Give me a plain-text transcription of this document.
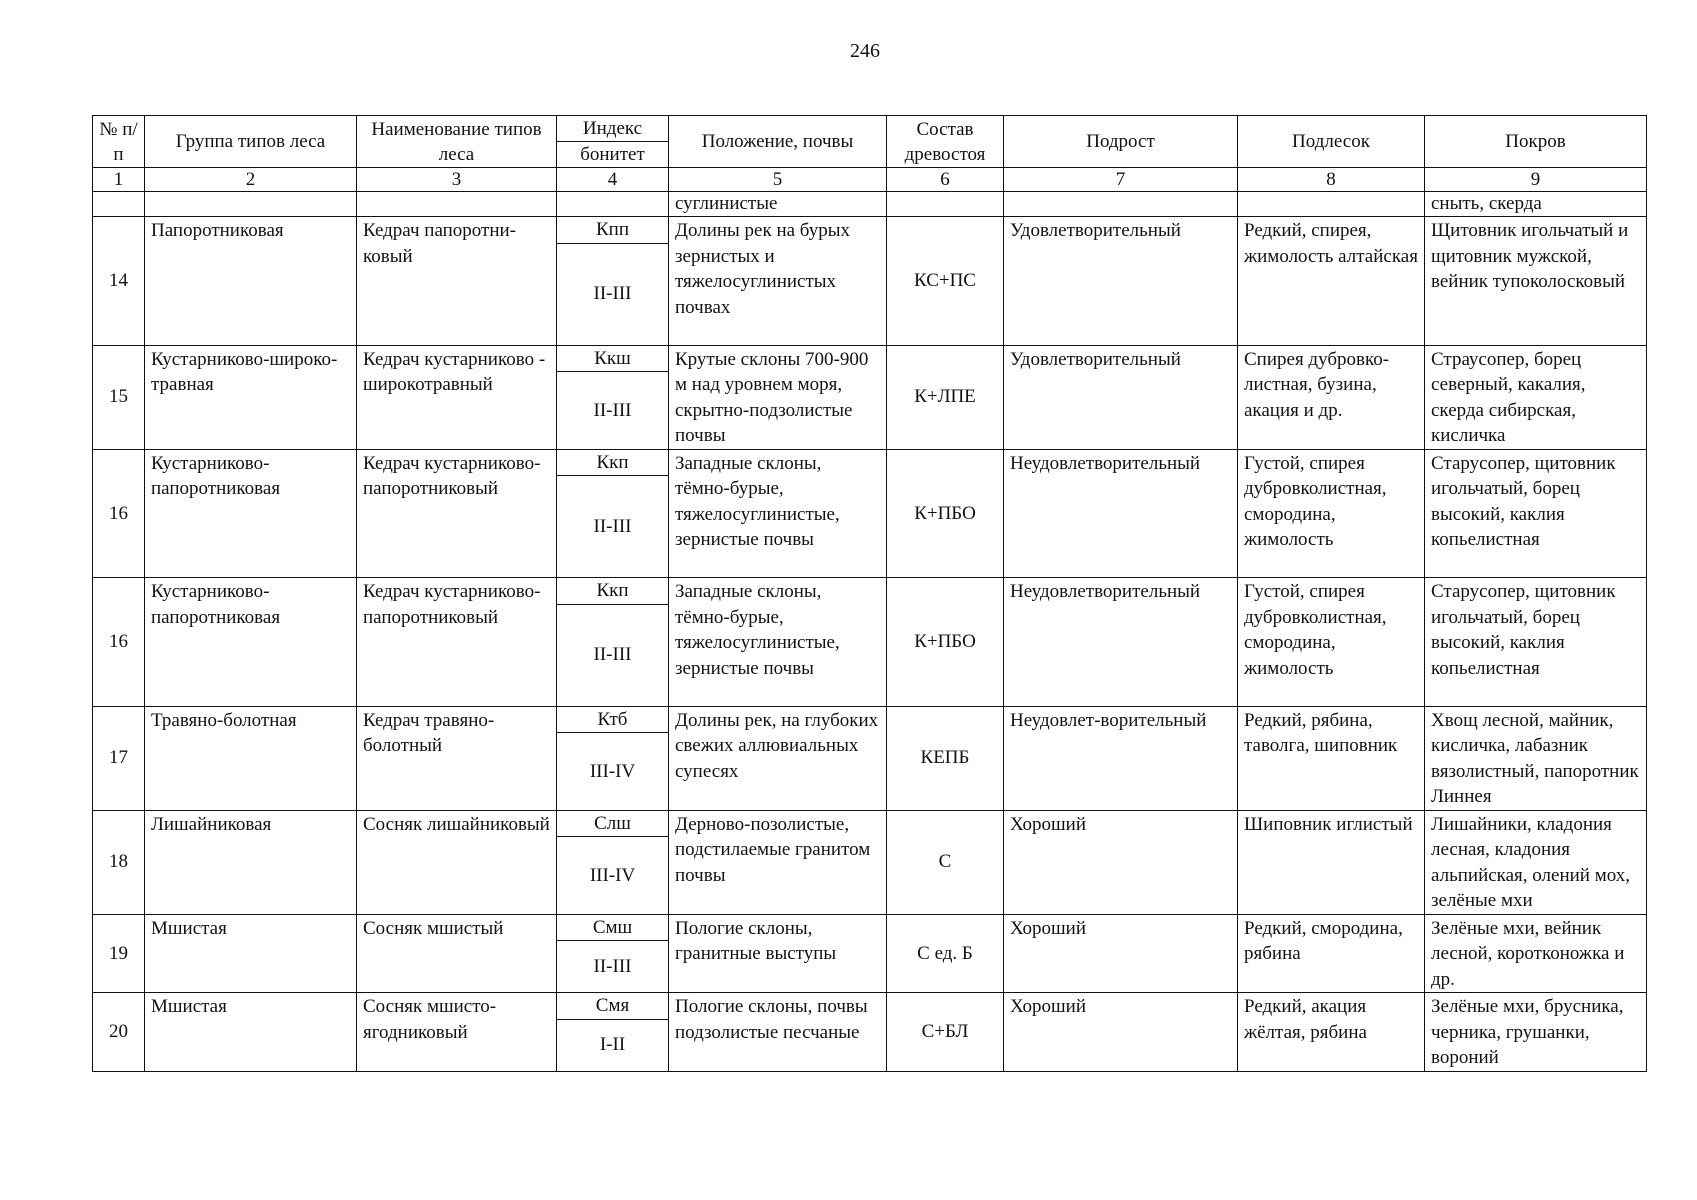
246
№ п/п	Группа типов леса	Наименование типов леса	Индекс	Положение, почвы	Состав древостоя	Подрост	Подлесок	Покров
			бонитет					
1	2	3	4	5	6	7	8	9
				суглинистые				сныть, скерда
14	Папоротниковая	Кедрач папоротни-ковый	Кпп	Долины рек на бурых зернистых и тяжелосуглинистых почвах	КС+ПС	Удовлетворительный	Редкий, спирея, жимолость алтайская	Щитовник игольчатый и щитовник мужской, вейник тупоколосковый
			II-III					
15	Кустарниково-широко-травная	Кедрач кустарниково - широкотравный	Ккш	Крутые склоны 700-900 м над уровнем моря, скрытно-подзолистые почвы	К+ЛПЕ	Удовлетворительный	Спирея дубровко-листная, бузина, акация и др.	Страусопер, борец северный, какалия, скерда сибирская, кисличка
			II-III					
16	Кустарниково-папоротниковая	Кедрач кустарниково-папоротниковый	Ккп	Западные склоны, тёмно-бурые, тяжелосуглинистые, зернистые почвы	К+ПБО	Неудовлетворительный	Густой, спирея дубровколистная, смородина, жимолость	Старусопер, щитовник игольчатый, борец высокий, каклия копьелистная
			II-III					
16	Кустарниково-папоротниковая	Кедрач кустарниково-папоротниковый	Ккп	Западные склоны, тёмно-бурые, тяжелосуглинистые, зернистые почвы	К+ПБО	Неудовлетворительный	Густой, спирея дубровколистная, смородина, жимолость	Старусопер, щитовник игольчатый, борец высокий, каклия копьелистная
			II-III					
17	Травяно-болотная	Кедрач травяно-болотный	Ктб	Долины рек, на глубоких свежих аллювиальных супесях	КЕПБ	Неудовлет-ворительный	Редкий, рябина, таволга, шиповник	Хвощ лесной, майник, кисличка, лабазник вязолистный, папоротник Линнея
			III-IV					
18	Лишайниковая	Сосняк лишайниковый	Слш	Дерново-позолистые, подстилаемые гранитом почвы	С	Хороший	Шиповник иглистый	Лишайники, кладония лесная, кладония альпийская, олений мох, зелёные мхи
			III-IV					
19	Мшистая	Сосняк мшистый	Смш	Пологие склоны, гранитные выступы	С ед. Б	Хороший	Редкий, смородина, рябина	Зелёные мхи, вейник лесной, коротконожка и др.
			II-III					
20	Мшистая	Сосняк мшисто-ягодниковый	Смя	Пологие склоны, почвы подзолистые песчаные	С+БЛ	Хороший	Редкий, акация жёлтая, рябина	Зелёные мхи, брусника, черника, грушанки, вороний
			I-II					
